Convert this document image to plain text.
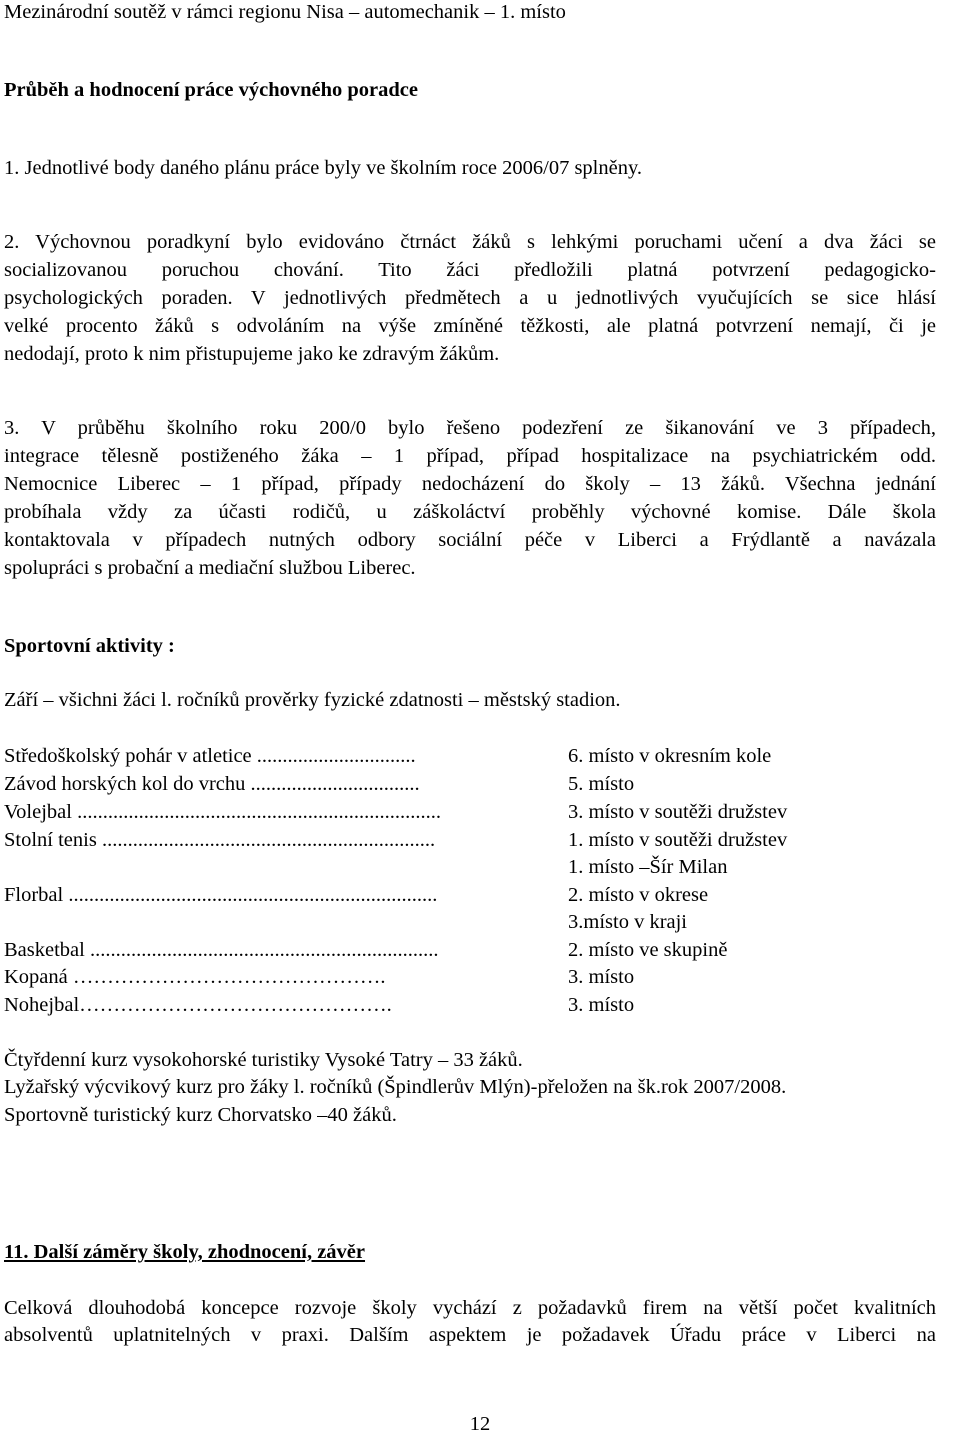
Mezinárodní soutěž v rámci regionu Nisa – automechanik – 1. místo
Průběh a hodnocení práce výchovného poradce
1. Jednotlivé body daného plánu práce byly ve školním roce 2006/07 splněny.
2. Výchovnou poradkyní bylo evidováno čtrnáct žáků s lehkými poruchami učení a dva žáci se
socializovanou poruchou chování. Tito žáci předložili platná potvrzení pedagogicko-
psychologických poraden. V jednotlivých předmětech a u jednotlivých vyučujících se sice hlásí
velké procento žáků s odvoláním na výše zmíněné těžkosti, ale platná potvrzení nemají, či je
nedodají, proto k nim přistupujeme jako ke zdravým žákům.
3. V průběhu školního roku 200/0 bylo řešeno podezření ze šikanování ve 3 případech,
integrace tělesně postiženého žáka – 1 případ, případ hospitalizace na psychiatrickém odd.
Nemocnice Liberec – 1 případ, případy nedocházení do školy – 13 žáků. Všechna jednání
probíhala vždy za účasti rodičů, u záškoláctví proběhly výchovné komise. Dále škola
kontaktovala v případech nutných odbory sociální péče v Liberci a Frýdlantě a navázala
spolupráci s probační a mediační službou Liberec.
Sportovní aktivity :
Září – všichni žáci l. ročníků prověrky fyzické zdatnosti – městský stadion.
Středoškolský pohár v atletice ...............................	6. místo v okresním kole
Závod horských kol do vrchu .................................	5. místo
Volejbal .......................................................................	3. místo v soutěži družstev
Stolní tenis .................................................................	1. místo v soutěži družstev
1. místo –Šír Milan
Florbal ........................................................................	2. místo v okrese
3.místo v kraji
Basketbal ....................................................................	2. místo ve skupině
Kopaná ……………………………………….	3. místo
Nohejbal……………………………………….	3. místo
Čtyřdenní kurz vysokohorské turistiky Vysoké Tatry – 33 žáků.
Lyžařský výcvikový kurz pro žáky l. ročníků (Špindlerův Mlýn)-přeložen na šk.rok 2007/2008.
Sportovně turistický kurz Chorvatsko –40 žáků.
11. Další záměry školy, zhodnocení, závěr
Celková dlouhodobá koncepce rozvoje školy vychází z požadavků firem na větší počet kvalitních
absolventů uplatnitelných v praxi. Dalším aspektem je požadavek Úřadu práce v Liberci na
12
